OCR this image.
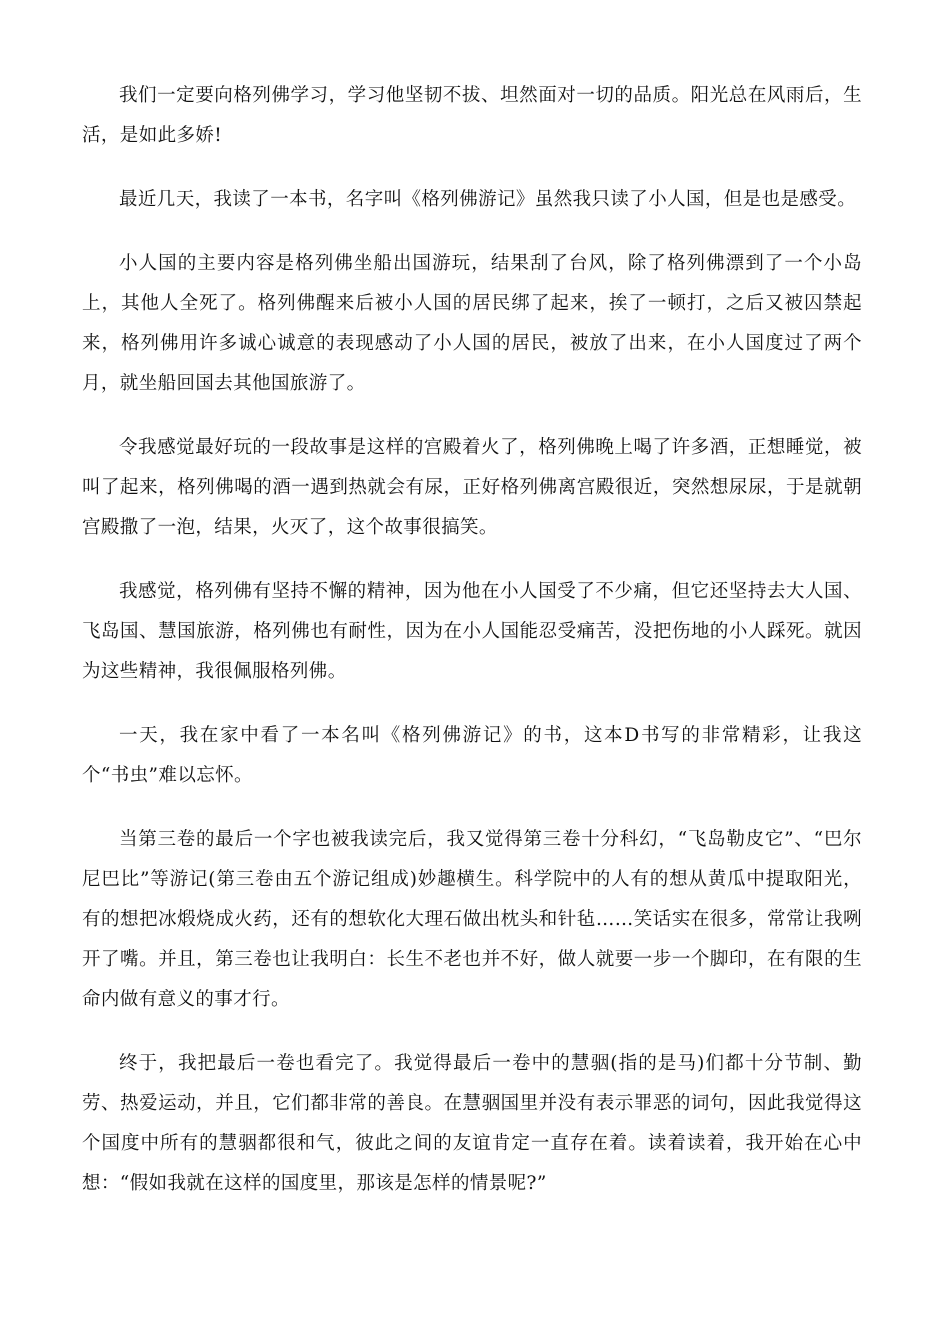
我们一定要向格列佛学习，学习他坚韧不拔、坦然面对一切的品质。阳光总在风雨后，生活，是如此多娇!

最近几天，我读了一本书，名字叫《格列佛游记》虽然我只读了小人国，但是也是感受。

小人国的主要内容是格列佛坐船出国游玩，结果刮了台风，除了格列佛漂到了一个小岛上，其他人全死了。格列佛醒来后被小人国的居民绑了起来，挨了一顿打，之后又被囚禁起来，格列佛用许多诚心诚意的表现感动了小人国的居民，被放了出来，在小人国度过了两个月，就坐船回国去其他国旅游了。

令我感觉最好玩的一段故事是这样的宫殿着火了，格列佛晚上喝了许多酒，正想睡觉，被叫了起来，格列佛喝的酒一遇到热就会有尿，正好格列佛离宫殿很近，突然想尿尿，于是就朝宫殿撒了一泡，结果，火灭了，这个故事很搞笑。

我感觉，格列佛有坚持不懈的精神，因为他在小人国受了不少痛，但它还坚持去大人国、飞岛国、慧国旅游，格列佛也有耐性，因为在小人国能忍受痛苦，没把伤地的小人踩死。就因为这些精神，我很佩服格列佛。

一天，我在家中看了一本名叫《格列佛游记》的书，这本D书写的非常精彩，让我这个“书虫”难以忘怀。

当第三卷的最后一个字也被我读完后，我又觉得第三卷十分科幻，“飞岛勒皮它”、“巴尔尼巴比”等游记(第三卷由五个游记组成)妙趣横生。科学院中的人有的想从黄瓜中提取阳光，有的想把冰煅烧成火药，还有的想软化大理石做出枕头和针毡……笑话实在很多，常常让我咧开了嘴。并且，第三卷也让我明白：长生不老也并不好，做人就要一步一个脚印，在有限的生命内做有意义的事才行。

终于，我把最后一卷也看完了。我觉得最后一卷中的慧骃(指的是马)们都十分节制、勤劳、热爱运动，并且，它们都非常的善良。在慧骃国里并没有表示罪恶的词句，因此我觉得这个国度中所有的慧骃都很和气，彼此之间的友谊肯定一直存在着。读着读着，我开始在心中想：“假如我就在这样的国度里，那该是怎样的情景呢?”
